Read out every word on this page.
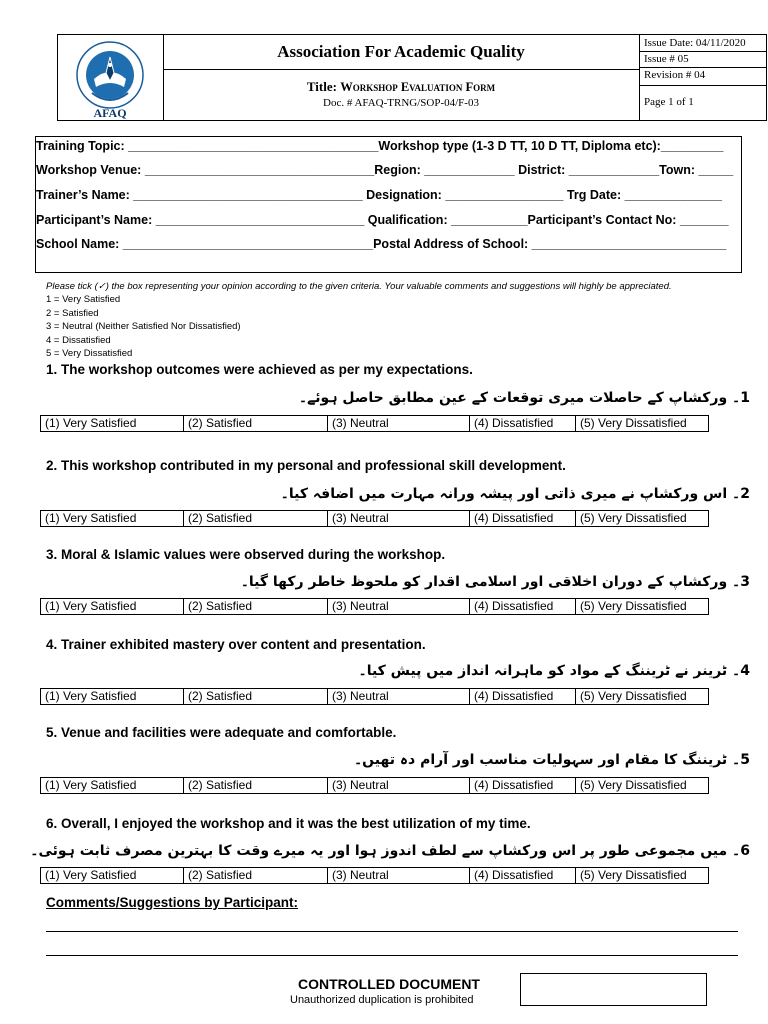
AFAQ
Association For Academic Quality
Title: Workshop Evaluation Form
Doc. # AFAQ-TRNG/SOP-04/F-03
Issue Date: 04/11/2020
Issue # 05
Revision # 04
Page 1 of 1
Training Topic: ____________________________________Workshop type (1-3 D TT, 10 D TT, Diploma etc):_________
Workshop Venue: _________________________________Region: _____________ District: _____________Town: _____
Trainer’s Name: _________________________________ Designation: _________________ Trg Date: ______________
Participant’s Name: ______________________________ Qualification: ___________Participant’s Contact No: _______
School Name: ____________________________________Postal Address of School: ____________________________
Please tick (✓) the box representing your opinion according to the given criteria. Your valuable comments and suggestions will highly be appreciated.
1 = Very Satisfied
2 = Satisfied
3 = Neutral (Neither Satisfied Nor Dissatisfied)
4 = Dissatisfied
5 = Very Dissatisfied
1. The workshop outcomes were achieved as per my expectations.
1۔ ورکشاپ کے حاصلات میری توقعات کے عین مطابق حاصل ہوئے۔
(1) Very Satisfied	(2) Satisfied	(3) Neutral	(4) Dissatisfied	(5) Very Dissatisfied
2. This workshop contributed in my personal and professional skill development.
2۔ اس ورکشاپ نے میری ذاتی اور پیشہ ورانہ مہارت میں اضافہ کیا۔
(1) Very Satisfied	(2) Satisfied	(3) Neutral	(4) Dissatisfied	(5) Very Dissatisfied
3. Moral & Islamic values were observed during the workshop.
3۔ ورکشاپ کے دوران اخلاقی اور اسلامی اقدار کو ملحوظ خاطر رکھا گیا۔
(1) Very Satisfied	(2) Satisfied	(3) Neutral	(4) Dissatisfied	(5) Very Dissatisfied
4. Trainer exhibited mastery over content and presentation.
4۔ ٹرینر نے ٹریننگ کے مواد کو ماہرانہ انداز میں پیش کیا۔
(1) Very Satisfied	(2) Satisfied	(3) Neutral	(4) Dissatisfied	(5) Very Dissatisfied
5. Venue and facilities were adequate and comfortable.
5۔ ٹریننگ کا مقام اور سہولیات مناسب اور آرام دہ تھیں۔
(1) Very Satisfied	(2) Satisfied	(3) Neutral	(4) Dissatisfied	(5) Very Dissatisfied
6. Overall, I enjoyed the workshop and it was the best utilization of my time.
6۔ میں مجموعی طور پر اس ورکشاپ سے لطف اندوز ہوا اور یہ میرے وقت کا بہترین مصرف ثابت ہوئی۔
(1) Very Satisfied	(2) Satisfied	(3) Neutral	(4) Dissatisfied	(5) Very Dissatisfied
Comments/Suggestions by Participant:
CONTROLLED DOCUMENT
Unauthorized duplication is prohibited
